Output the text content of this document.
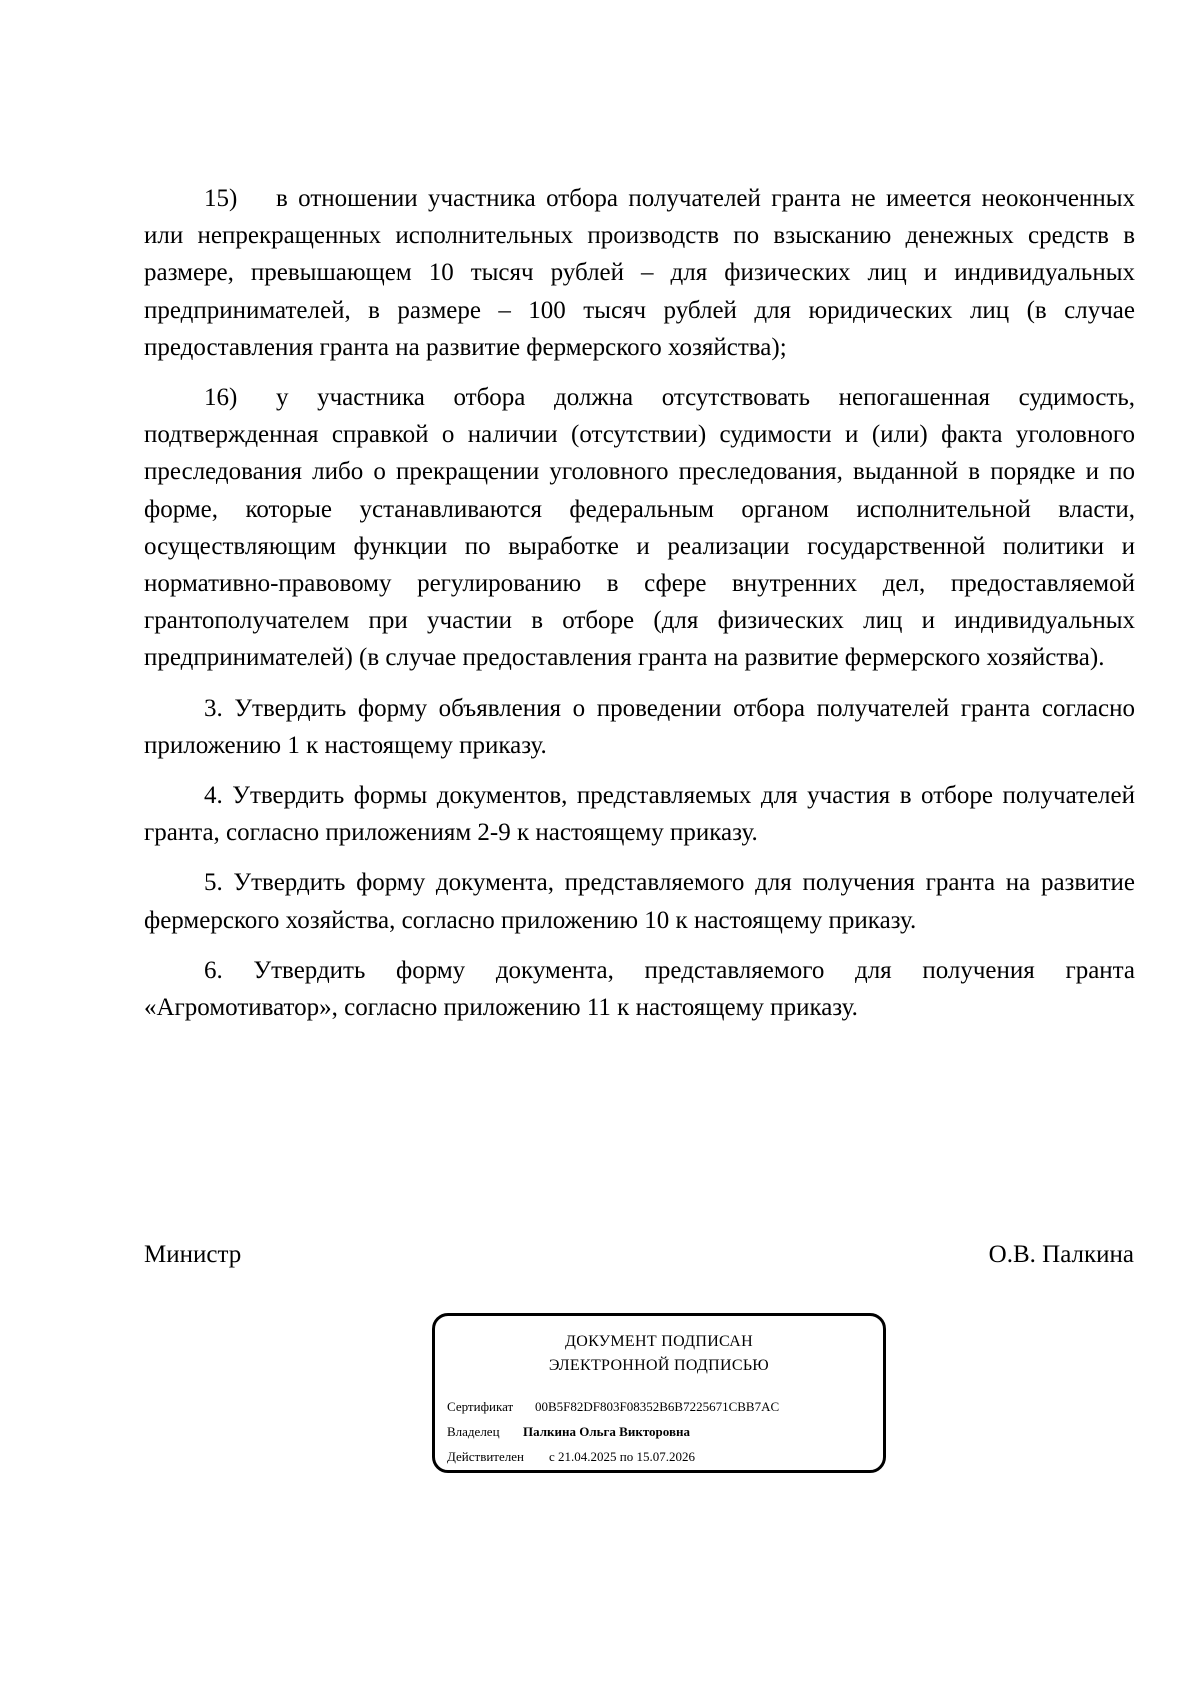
15) в отношении участника отбора получателей гранта не имеется неоконченных или непрекращенных исполнительных производств по взысканию денежных средств в размере, превышающем 10 тысяч рублей – для физических лиц и индивидуальных предпринимателей, в размере – 100 тысяч рублей для юридических лиц (в случае предоставления гранта на развитие фермерского хозяйства);

16) у участника отбора должна отсутствовать непогашенная судимость, подтвержденная справкой о наличии (отсутствии) судимости и (или) факта уголовного преследования либо о прекращении уголовного преследования, выданной в порядке и по форме, которые устанавливаются федеральным органом исполнительной власти, осуществляющим функции по выработке и реализации государственной политики и нормативно-правовому регулированию в сфере внутренних дел, предоставляемой грантополучателем при участии в отборе (для физических лиц и индивидуальных предпринимателей) (в случае предоставления гранта на развитие фермерского хозяйства).

3. Утвердить форму объявления о проведении отбора получателей гранта согласно приложению 1 к настоящему приказу.

4. Утвердить формы документов, представляемых для участия в отборе получателей гранта, согласно приложениям 2-9 к настоящему приказу.

5. Утвердить форму документа, представляемого для получения гранта на развитие фермерского хозяйства, согласно приложению 10 к настоящему приказу.

6. Утвердить форму документа, представляемого для получения гранта «Агромотиватор», согласно приложению 11 к настоящему приказу.

Министр	О.В. Палкина
ДОКУМЕНТ ПОДПИСАН
ЭЛЕКТРОННОЙ ПОДПИСЬЮ
Сертификат 00B5F82DF803F08352B6B7225671CBB7AC
Владелец Палкина Ольга Викторовна
Действителен с 21.04.2025 по 15.07.2026
